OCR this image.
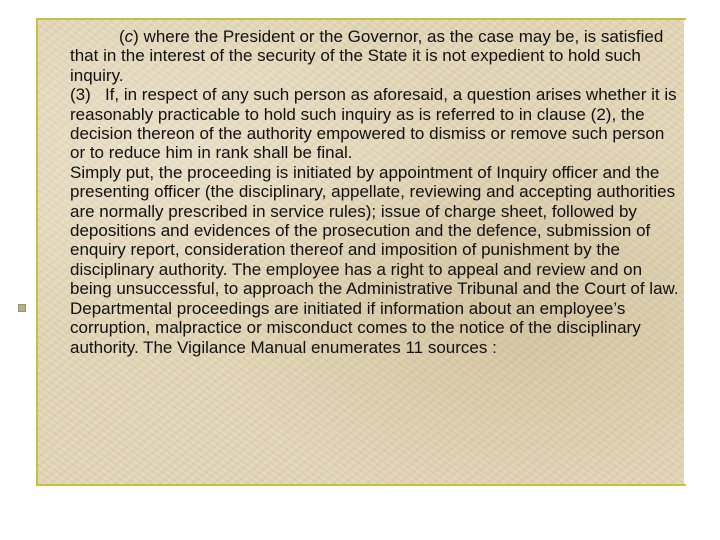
(c) where the President or the Governor, as the case may be, is satisfied that in the interest of the security of the State it is not expedient to hold such inquiry.

(3)   If, in respect of any such person as aforesaid, a question arises whether it is reasonably practicable to hold such inquiry as is referred to in clause (2), the decision thereon of the authority empowered to dismiss or remove such person or to reduce him in rank shall be final.

Simply put, the proceeding is initiated by appointment of Inquiry officer and the presenting officer (the disciplinary, appellate, reviewing and accepting authorities are normally prescribed in service rules); issue of charge sheet, followed by depositions and evidences of the prosecution and the defence, submission of enquiry report, consideration thereof and imposition of punishment by the disciplinary authority. The employee has a right to appeal and review and on being unsuccessful, to approach the Administrative Tribunal and the Court of law.

Departmental proceedings are initiated if information about an employee’s corruption, malpractice or misconduct comes to the notice of the disciplinary authority. The Vigilance Manual enumerates 11 sources :
